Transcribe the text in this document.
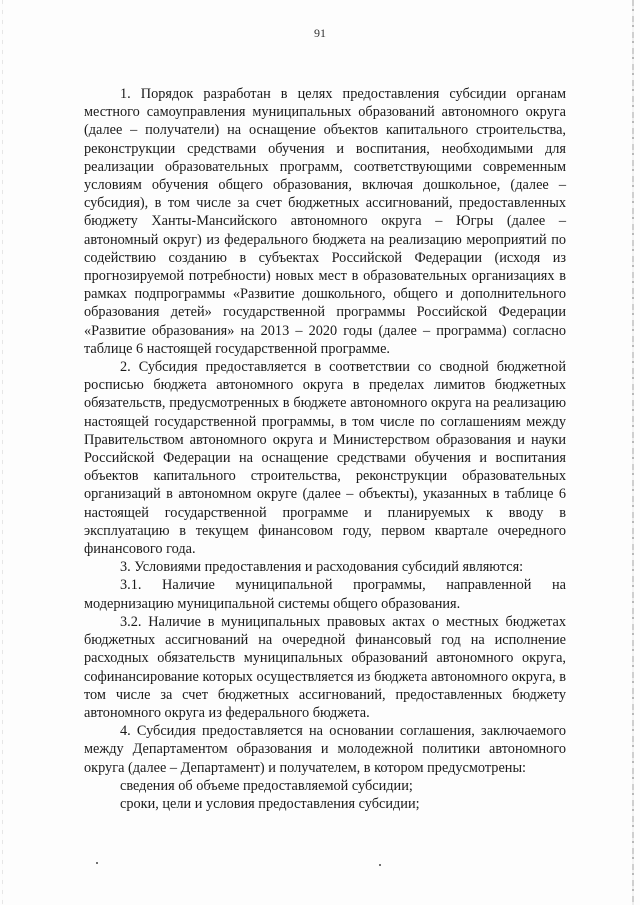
91

1. Порядок разработан в целях предоставления субсидии органам местного самоуправления муниципальных образований автономного округа (далее – получатели) на оснащение объектов капитального строительства, реконструкции средствами обучения и воспитания, необходимыми для реализации образовательных программ, соответствующими современным условиям обучения общего образования, включая дошкольное, (далее – субсидия), в том числе за счет бюджетных ассигнований, предоставленных бюджету Ханты-Мансийского автономного округа – Югры (далее – автономный округ) из федерального бюджета на реализацию мероприятий по содействию созданию в субъектах Российской Федерации (исходя из прогнозируемой потребности) новых мест в образовательных организациях в рамках подпрограммы «Развитие дошкольного, общего и дополнительного образования детей» государственной программы Российской Федерации «Развитие образования» на 2013 – 2020 годы (далее – программа) согласно таблице 6 настоящей государственной программе.

2. Субсидия предоставляется в соответствии со сводной бюджетной росписью бюджета автономного округа в пределах лимитов бюджетных обязательств, предусмотренных в бюджете автономного округа на реализацию настоящей государственной программы, в том числе по соглашениям между Правительством автономного округа и Министерством образования и науки Российской Федерации на оснащение средствами обучения и воспитания объектов капитального строительства, реконструкции образовательных организаций в автономном округе (далее – объекты), указанных в таблице 6 настоящей государственной программе и планируемых к вводу в эксплуатацию в текущем финансовом году, первом квартале очередного финансового года.

3. Условиями предоставления и расходования субсидий являются:

3.1. Наличие муниципальной программы, направленной на модернизацию муниципальной системы общего образования.

3.2. Наличие в муниципальных правовых актах о местных бюджетах бюджетных ассигнований на очередной финансовый год на исполнение расходных обязательств муниципальных образований автономного округа, софинансирование которых осуществляется из бюджета автономного округа, в том числе за счет бюджетных ассигнований, предоставленных бюджету автономного округа из федерального бюджета.

4. Субсидия предоставляется на основании соглашения, заключаемого между Департаментом образования и молодежной политики автономного округа (далее – Департамент) и получателем, в котором предусмотрены:

сведения об объеме предоставляемой субсидии;

сроки, цели и условия предоставления субсидии;
